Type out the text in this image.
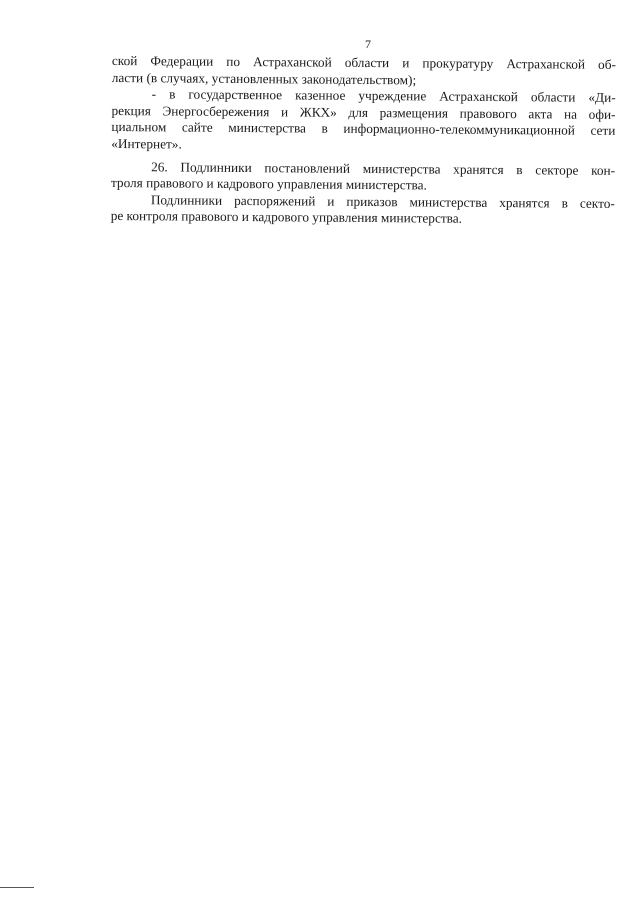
7
ской Федерации по Астраханской области и прокуратуру Астраханской об-
ласти (в случаях, установленных законодательством);
- в государственное казенное учреждение Астраханской области «Ди-
рекция Энергосбережения и ЖКХ» для размещения правового акта на офи-
циальном сайте министерства в информационно-телекоммуникационной сети
«Интернет».
26. Подлинники постановлений министерства хранятся в секторе кон-
троля правового и кадрового управления министерства.
Подлинники распоряжений и приказов министерства хранятся в секто-
ре контроля правового и кадрового управления министерства.
